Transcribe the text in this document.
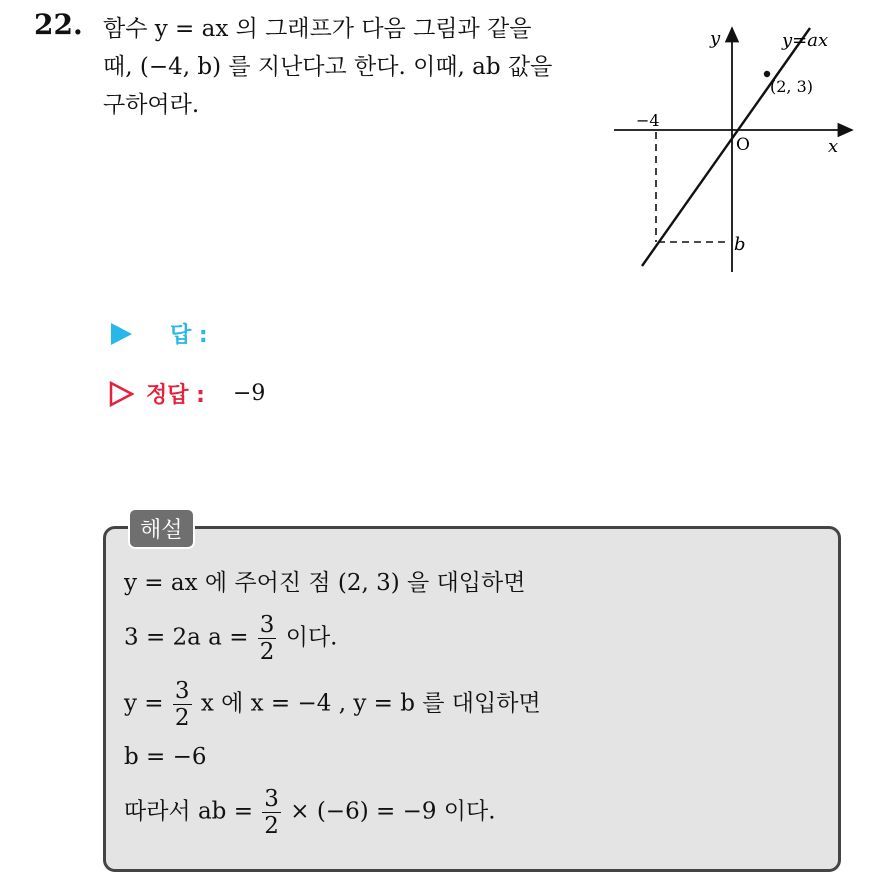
22. 함수 y = ax 의 그래프가 다음 그림과 같을
때, (−4, b) 를 지난다고 한다. 이때, ab 값을
구하여라.
y
x
O
y=ax
(2, 3)
−4
b
답 :
정답 : −9
해설
y = ax 에 주어진 점 (2, 3) 을 대입하면
3 = 2a $a = \frac{3}{2}$ 이다.
$y = \frac{3}{2}$ x 에 x = −4 , y = b 를 대입하면
b = −6
따라서 ab = $\frac{3}{2} \times (-6) = -9$ 이다.
